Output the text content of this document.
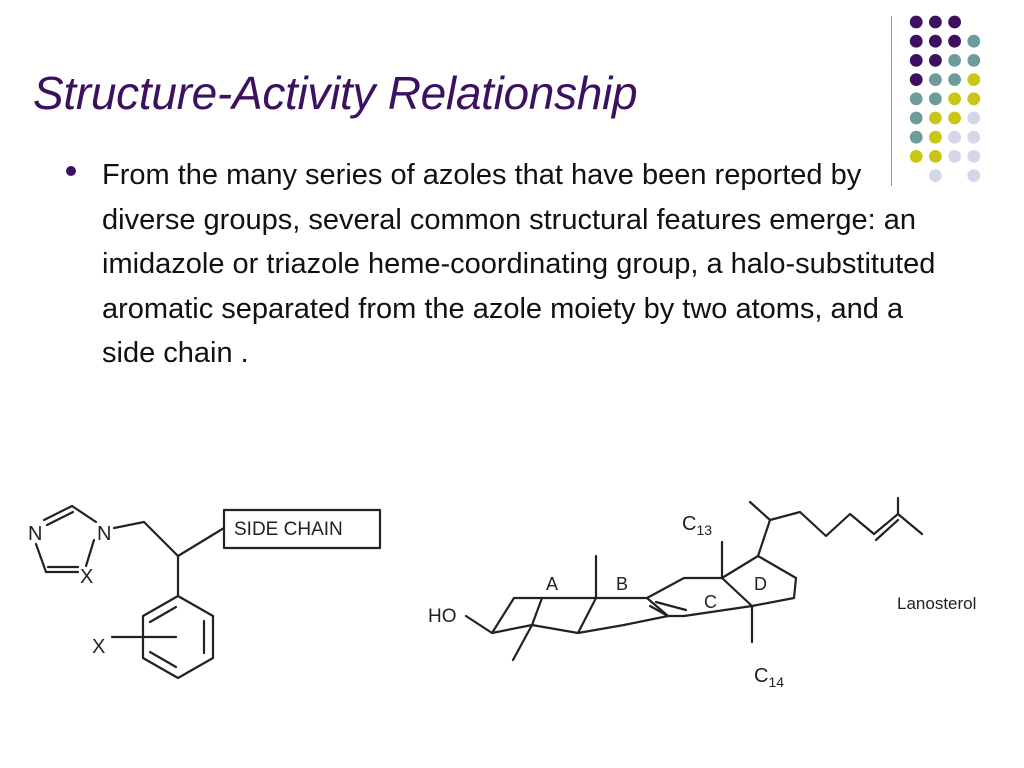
Structure-Activity Relationship
From the many series of azoles that have been reported by diverse groups, several common structural features emerge: an imidazole or triazole heme-coordinating group, a halo-substituted aromatic separated from the azole moiety by two atoms, and a side chain .
N	N
X
X
SIDE CHAIN	$C_{13}$
$C_{14}$
HO
A	B
C
D
Lanosterol
